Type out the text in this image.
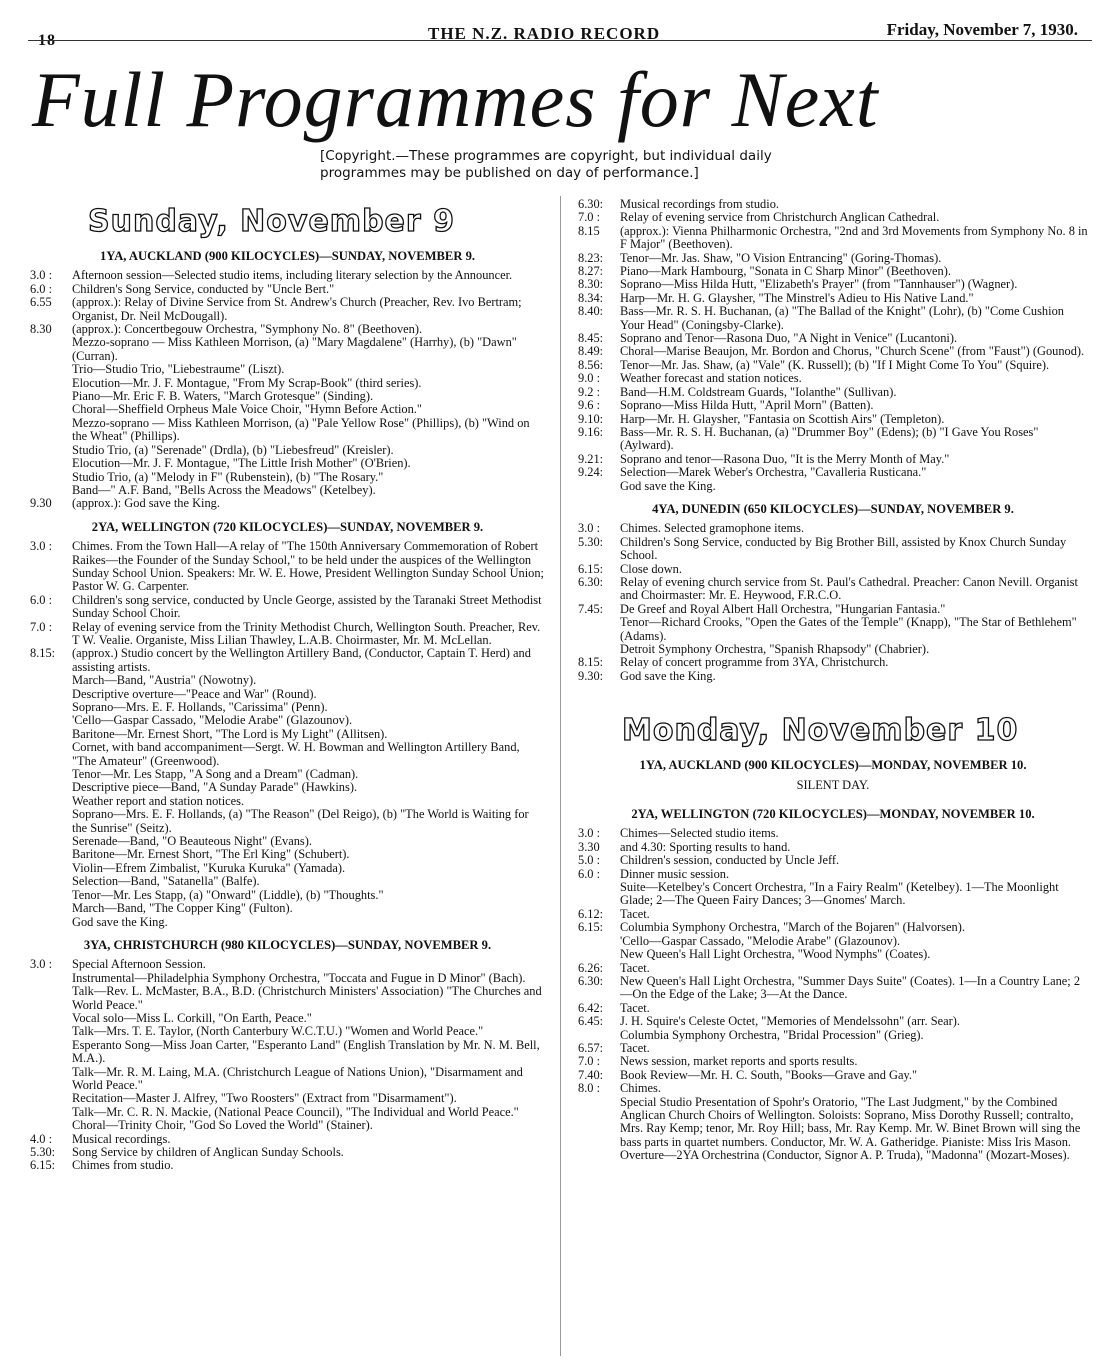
18	THE N.Z. RADIO RECORD	Friday, November 7, 1930.
Full Programmes for Next
[Copyright.—These programmes are copyright, but individual daily programmes may be published on day of performance.]
Sunday, November 9
1YA, AUCKLAND (900 KILOCYCLES)—SUNDAY, NOVEMBER 9.
3.0 :	Afternoon session—Selected studio items, including literary selection by the Announcer.
6.0 :	Children's Song Service, conducted by "Uncle Bert."
6.55	(approx.): Relay of Divine Service from St. Andrew's Church (Preacher, Rev. Ivo Bertram; Organist, Dr. Neil McDougall).
8.30	(approx.): Concertbegouw Orchestra, "Symphony No. 8" (Beethoven).
Mezzo-soprano — Miss Kathleen Morrison, (a) "Mary Magdalene" (Harrhy), (b) "Dawn" (Curran).
Trio—Studio Trio, "Liebestraume" (Liszt).
Elocution—Mr. J. F. Montague, "From My Scrap-Book" (third series).
Piano—Mr. Eric F. B. Waters, "March Grotesque" (Sinding).
Choral—Sheffield Orpheus Male Voice Choir, "Hymn Before Action."
Mezzo-soprano — Miss Kathleen Morrison, (a) "Pale Yellow Rose" (Phillips), (b) "Wind on the Wheat" (Phillips).
Studio Trio, (a) "Serenade" (Drdla), (b) "Liebesfreud" (Kreisler).
Elocution—Mr. J. F. Montague, "The Little Irish Mother" (O'Brien).
Studio Trio, (a) "Melody in F" (Rubenstein), (b) "The Rosary."
Band—" A.F. Band, "Bells Across the Meadows" (Ketelbey).
9.30	(approx.): God save the King.
2YA, WELLINGTON (720 KILOCYCLES)—SUNDAY, NOVEMBER 9.
3.0 :	Chimes. From the Town Hall—A relay of "The 150th Anniversary Commemoration of Robert Raikes—the Founder of the Sunday School," to be held under the auspices of the Wellington Sunday School Union. Speakers: Mr. W. E. Howe, President Wellington Sunday School Union; Pastor W. G. Carpenter.
6.0 :	Children's song service, conducted by Uncle George, assisted by the Taranaki Street Methodist Sunday School Choir.
7.0 :	Relay of evening service from the Trinity Methodist Church, Wellington South. Preacher, Rev. T W. Vealie. Organiste, Miss Lilian Thawley, L.A.B. Choirmaster, Mr. M. McLellan.
8.15:	(approx.) Studio concert by the Wellington Artillery Band, (Conductor, Captain T. Herd) and assisting artists.
March—Band, "Austria" (Nowotny).
Descriptive overture—"Peace and War" (Round).
Soprano—Mrs. E. F. Hollands, "Carissima" (Penn).
'Cello—Gaspar Cassado, "Melodie Arabe" (Glazounov).
Baritone—Mr. Ernest Short, "The Lord is My Light" (Allitsen).
Cornet, with band accompaniment—Sergt. W. H. Bowman and Wellington Artillery Band, "The Amateur" (Greenwood).
Tenor—Mr. Les Stapp, "A Song and a Dream" (Cadman).
Descriptive piece—Band, "A Sunday Parade" (Hawkins).
Weather report and station notices.
Soprano—Mrs. E. F. Hollands, (a) "The Reason" (Del Reigo), (b) "The World is Waiting for the Sunrise" (Seitz).
Serenade—Band, "O Beauteous Night" (Evans).
Baritone—Mr. Ernest Short, "The Erl King" (Schubert).
Violin—Efrem Zimbalist, "Kuruka Kuruka" (Yamada).
Selection—Band, "Satanella" (Balfe).
Tenor—Mr. Les Stapp, (a) "Onward" (Liddle), (b) "Thoughts."
March—Band, "The Copper King" (Fulton).
God save the King.
3YA, CHRISTCHURCH (980 KILOCYCLES)—SUNDAY, NOVEMBER 9.
3.0 :	Special Afternoon Session.
Instrumental—Philadelphia Symphony Orchestra, "Toccata and Fugue in D Minor" (Bach).
Talk—Rev. L. McMaster, B.A., B.D. (Christchurch Ministers' Association) "The Churches and World Peace."
Vocal solo—Miss L. Corkill, "On Earth, Peace."
Talk—Mrs. T. E. Taylor, (North Canterbury W.C.T.U.) "Women and World Peace."
Esperanto Song—Miss Joan Carter, "Esperanto Land" (English Translation by Mr. N. M. Bell, M.A.).
Talk—Mr. R. M. Laing, M.A. (Christchurch League of Nations Union), "Disarmament and World Peace."
Recitation—Master J. Alfrey, "Two Roosters" (Extract from "Disarmament").
Talk—Mr. C. R. N. Mackie, (National Peace Council), "The Individual and World Peace."
Choral—Trinity Choir, "God So Loved the World" (Stainer).
4.0 :	Musical recordings.
5.30:	Song Service by children of Anglican Sunday Schools.
6.15:	Chimes from studio.
6.30:	Musical recordings from studio.
7.0 :	Relay of evening service from Christchurch Anglican Cathedral.
8.15	(approx.): Vienna Philharmonic Orchestra, "2nd and 3rd Movements from Symphony No. 8 in F Major" (Beethoven).
8.23:	Tenor—Mr. Jas. Shaw, "O Vision Entrancing" (Goring-Thomas).
8.27:	Piano—Mark Hambourg, "Sonata in C Sharp Minor" (Beethoven).
8.30:	Soprano—Miss Hilda Hutt, "Elizabeth's Prayer" (from "Tannhauser") (Wagner).
8.34:	Harp—Mr. H. G. Glaysher, "The Minstrel's Adieu to His Native Land."
8.40:	Bass—Mr. R. S. H. Buchanan, (a) "The Ballad of the Knight" (Lohr), (b) "Come Cushion Your Head" (Coningsby-Clarke).
8.45:	Soprano and Tenor—Rasona Duo, "A Night in Venice" (Lucantoni).
8.49:	Choral—Marise Beaujon, Mr. Bordon and Chorus, "Church Scene" (from "Faust") (Gounod).
8.56:	Tenor—Mr. Jas. Shaw, (a) "Vale" (K. Russell); (b) "If I Might Come To You" (Squire).
9.0 :	Weather forecast and station notices.
9.2 :	Band—H.M. Coldstream Guards, "Iolanthe" (Sullivan).
9.6 :	Soprano—Miss Hilda Hutt, "April Morn" (Batten).
9.10:	Harp—Mr. H. Glaysher, "Fantasia on Scottish Airs" (Templeton).
9.16:	Bass—Mr. R. S. H. Buchanan, (a) "Drummer Boy" (Edens); (b) "I Gave You Roses" (Aylward).
9.21:	Soprano and tenor—Rasona Duo, "It is the Merry Month of May."
9.24:	Selection—Marek Weber's Orchestra, "Cavalleria Rusticana."
God save the King.
4YA, DUNEDIN (650 KILOCYCLES)—SUNDAY, NOVEMBER 9.
3.0 :	Chimes. Selected gramophone items.
5.30:	Children's Song Service, conducted by Big Brother Bill, assisted by Knox Church Sunday School.
6.15:	Close down.
6.30:	Relay of evening church service from St. Paul's Cathedral. Preacher: Canon Nevill. Organist and Choirmaster: Mr. E. Heywood, F.R.C.O.
7.45:	De Greef and Royal Albert Hall Orchestra, "Hungarian Fantasia."
Tenor—Richard Crooks, "Open the Gates of the Temple" (Knapp), "The Star of Bethlehem" (Adams).
Detroit Symphony Orchestra, "Spanish Rhapsody" (Chabrier).
8.15:	Relay of concert programme from 3YA, Christchurch.
9.30:	God save the King.
Monday, November 10
1YA, AUCKLAND (900 KILOCYCLES)—MONDAY, NOVEMBER 10.
SILENT DAY.
2YA, WELLINGTON (720 KILOCYCLES)—MONDAY, NOVEMBER 10.
3.0 :	Chimes—Selected studio items.
3.30	and 4.30: Sporting results to hand.
5.0 :	Children's session, conducted by Uncle Jeff.
6.0 :	Dinner music session.
Suite—Ketelbey's Concert Orchestra, "In a Fairy Realm" (Ketelbey). 1—The Moonlight Glade; 2—The Queen Fairy Dances; 3—Gnomes' March.
6.12:	Tacet.
6.15:	Columbia Symphony Orchestra, "March of the Bojaren" (Halvorsen).
'Cello—Gaspar Cassado, "Melodie Arabe" (Glazounov).
New Queen's Hall Light Orchestra, "Wood Nymphs" (Coates).
6.26:	Tacet.
6.30:	New Queen's Hall Light Orchestra, "Summer Days Suite" (Coates). 1—In a Country Lane; 2—On the Edge of the Lake; 3—At the Dance.
6.42:	Tacet.
6.45:	J. H. Squire's Celeste Octet, "Memories of Mendelssohn" (arr. Sear).
Columbia Symphony Orchestra, "Bridal Procession" (Grieg).
6.57:	Tacet.
7.0 :	News session, market reports and sports results.
7.40:	Book Review—Mr. H. C. South, "Books—Grave and Gay."
8.0 :	Chimes.
Special Studio Presentation of Spohr's Oratorio, "The Last Judgment," by the Combined Anglican Church Choirs of Wellington. Soloists: Soprano, Miss Dorothy Russell; contralto, Mrs. Ray Kemp; tenor, Mr. Roy Hill; bass, Mr. Ray Kemp. Mr. W. Binet Brown will sing the bass parts in quartet numbers. Conductor, Mr. W. A. Gatheridge. Pianiste: Miss Iris Mason.
Overture—2YA Orchestrina (Conductor, Signor A. P. Truda), "Madonna" (Mozart-Moses).
